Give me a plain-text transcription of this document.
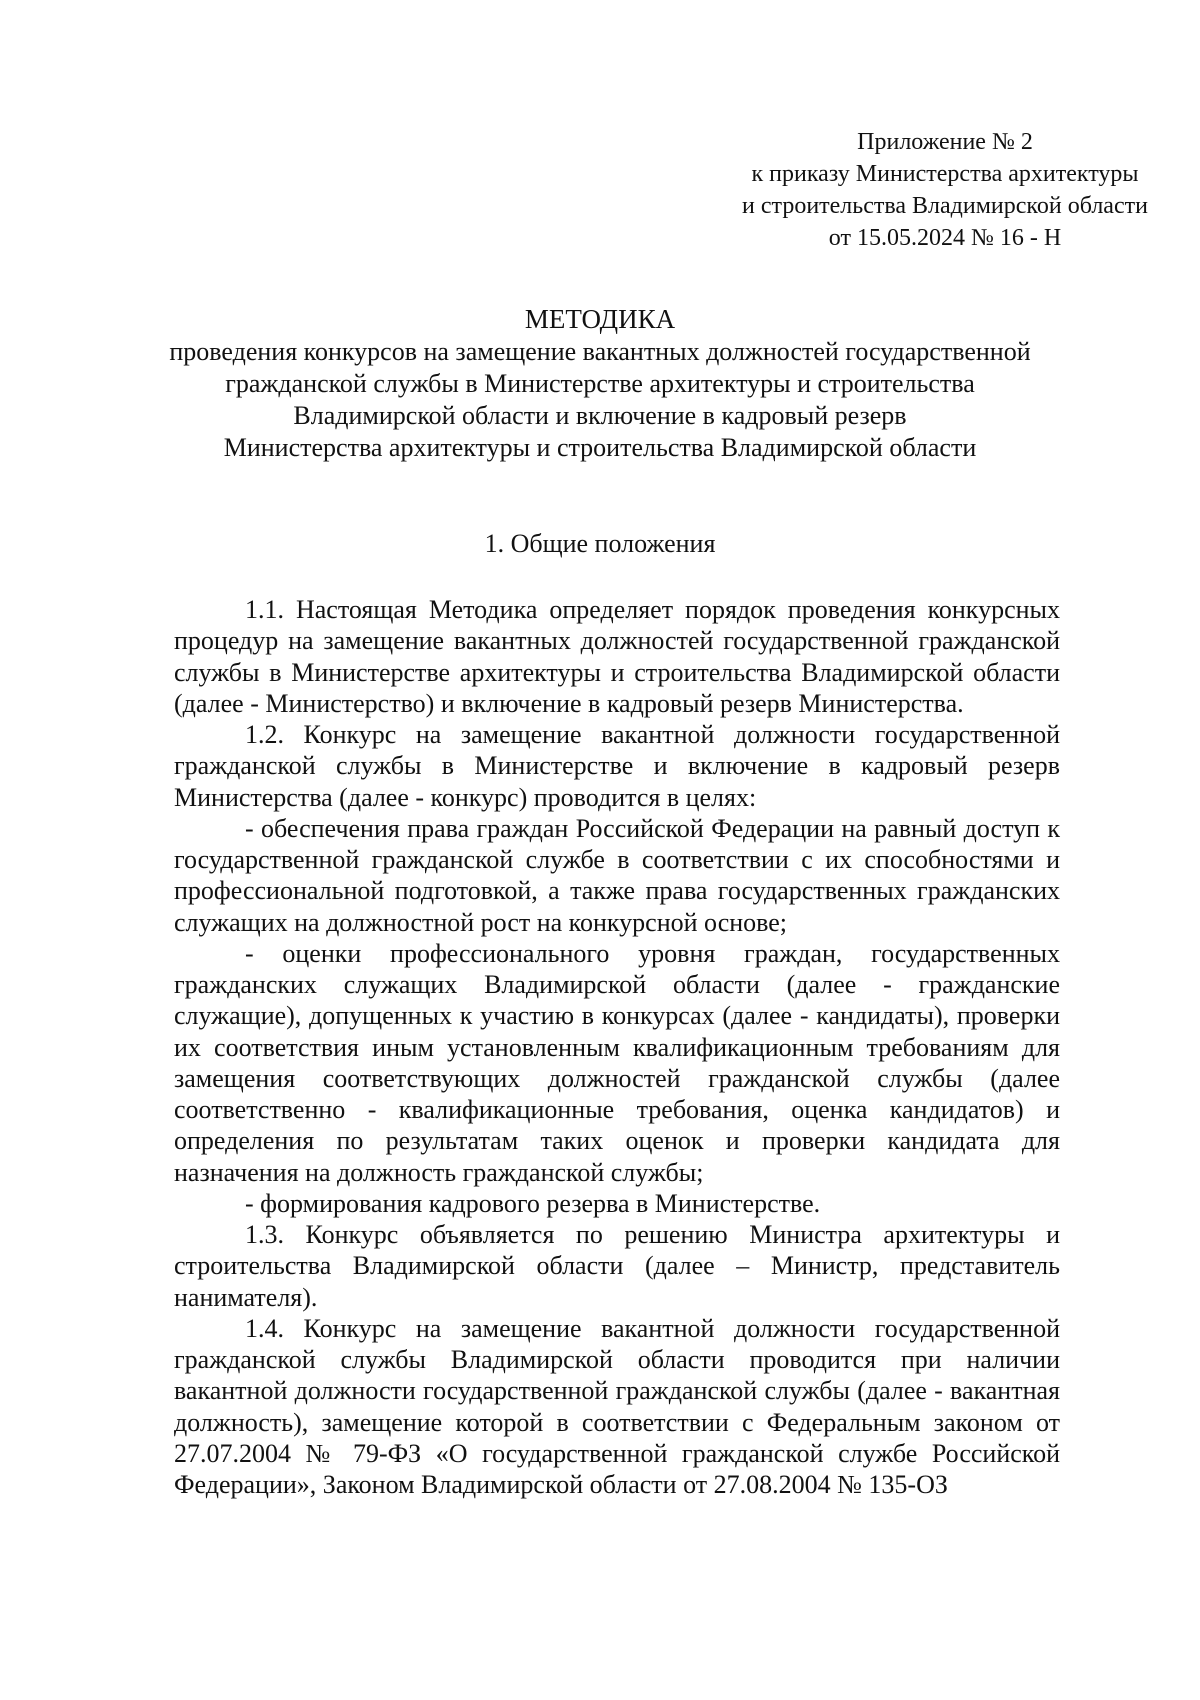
Приложение № 2
к приказу Министерства архитектуры
и строительства Владимирской области
от 15.05.2024 № 16 - Н
МЕТОДИКА
проведения конкурсов на замещение вакантных должностей государственной
гражданской службы в Министерстве архитектуры и строительства
Владимирской области и включение в кадровый резерв
Министерства архитектуры и строительства Владимирской области
1. Общие положения

1.1. Настоящая Методика определяет порядок проведения конкурсных процедур на замещение вакантных должностей государственной гражданской службы в Министерстве архитектуры и строительства Владимирской области (далее - Министерство) и включение в кадровый резерв Министерства.

1.2. Конкурс на замещение вакантной должности государственной гражданской службы в Министерстве и включение в кадровый резерв Министерства (далее - конкурс) проводится в целях:

- обеспечения права граждан Российской Федерации на равный доступ к государственной гражданской службе в соответствии с их способностями и профессиональной подготовкой, а также права государственных гражданских служащих на должностной рост на конкурсной основе;

- оценки профессионального уровня граждан, государственных гражданских служащих Владимирской области (далее - гражданские служащие), допущенных к участию в конкурсах (далее - кандидаты), проверки их соответствия иным установленным квалификационным требованиям для замещения соответствующих должностей гражданской службы (далее соответственно - квалификационные требования, оценка кандидатов) и определения по результатам таких оценок и проверки кандидата для назначения на должность гражданской службы;

- формирования кадрового резерва в Министерстве.

1.3. Конкурс объявляется по решению Министра архитектуры и строительства Владимирской области (далее – Министр, представитель нанимателя).

1.4. Конкурс на замещение вакантной должности государственной гражданской службы Владимирской области проводится при наличии вакантной должности государственной гражданской службы (далее - вакантная должность), замещение которой в соответствии с Федеральным законом от 27.07.2004 № 79-ФЗ «О государственной гражданской службе Российской Федерации», Законом Владимирской области от 27.08.2004 № 135-ОЗ
